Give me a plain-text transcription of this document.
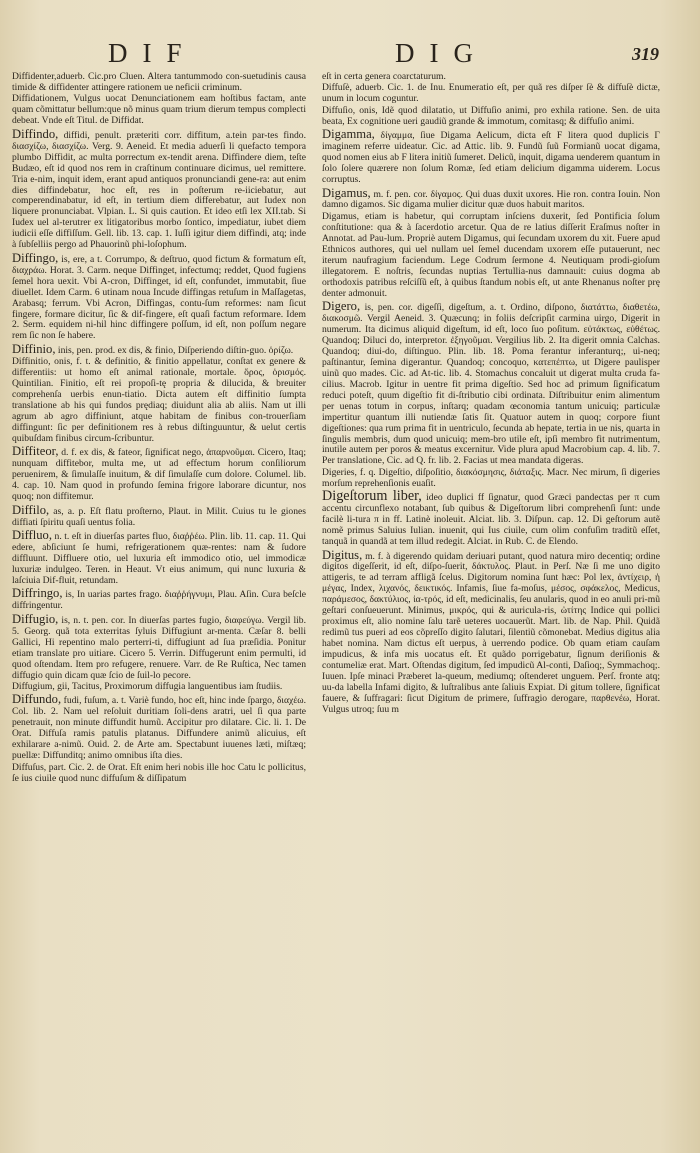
DIF	DIG	319

Diffidenter,aduerb. Cic.pro Cluen. Altera tantummodo con-suetudinis causa timide & diffidenter attingere rationem ue neficii criminum.

Diffidationem, Vulgus uocat Denunciationem eam hoſtibus factam, ante quam cõmittatur bellum:que nõ minus quam trium dierum tempus complecti debeat. Vnde eſt Titul. de Diffidat.

Diffindo, diffidi, penult. præteriti corr. diffitum, a.tein par-tes findo. διασχίζω, διασχίζω. Verg. 9. Aeneid. Et media aduerſi li quefacto tempora plumbo Diffidit, ac multa porrectum ex-tendit arena. Diffindere diem, teſte Budæo, eſt id quod nos rem in craſtinum continuare dicimus, uel remittere. Tria e-nim, inquit idem, erant apud antiquos pronunciandi gene-ra: aut enim dies diffindebatur, hoc eſt, res in poſterum re-iiciebatur, aut comperendinabatur, id eſt, in tertium diem differebatur, aut Iudex non liquere pronunciabat. Vlpian. L. Si quis caution. Et ideo etſi lex XII.tab. Si Iudex uel al-terutrer ex litigatoribus morbo ſontico, impediatur, iubet diem iudicii eſſe diffiſſum. Gell. lib. 13. cap. 1. Iuſſi igitur diem diffindi, atq; inde à ſubſelliis pergo ad Phauorinũ phi-loſophum.

Diffingo, is, ere, a t. Corrumpo, & deſtruo, quod fictum & formatum eſt, διαχράω. Horat. 3. Carm. neque Diffinget, infectumq; reddet, Quod fugiens ſemel hora uexit. Vbi A-cron, Diffinget, id eſt, confundet, immutabit, ſiue diuellet. Idem Carm. 6 utinam noua Incude diffingas retuſum in Maſſagetas, Arabasq; ferrum. Vbi Acron, Diffingas, contu-ſum reformes: nam ſicut fingere, formare dicitur, ſic & dif-fingere, eſt quaſi factum reformare. Idem 2. Serm. equidem ni-hil hinc diffingere poſſum, id eſt, non poſſum negare rem ſic non ſe habere.

Diffinio, inis, pen. prod. ex dis, & finio, Diſperiendo diſtin-guo. ὁρίζω.

Diffinitio, onis, f. t. & definitio, & finitio appellatur, conſtat ex genere & differentiis: ut homo eſt animal rationale, mortale. ὅρος, ὁρισμός. Quintilian. Finitio, eſt rei propoſi-tę propria & dilucida, & breuiter comprehenſa uerbis enun-tiatio. Dicta autem eſt diffinitio ſumpta translatione ab his qui fundos prędiaq; diuidunt alia ab aliis. Nam ut illi agrum ab agro diffiniunt, atque habitam de finibus con-trouerſiam diffingunt: ſic per definitionem res à rebus diſtinguuntur, & uelut certis quibuſdam finibus circum-ſcribuntur.

Diffiteor, d. f. ex dis, & fateor, ſignificat nego, ἀπαρνοῦμαι. Cicero, Itaq; nunquam diffitebor, multa me, ut ad effectum horum conſiliorum peruenirem, & ſimulaſſe inuitum, & dif ſimulaſſe cum dolore. Columel. lib. 4. cap. 10. Nam quod in profundo ſemina frigore laborare dicuntur, nos quoq; non diffitemur.

Diffilo, as, a. p. Eſt flatu proſterno, Plaut. in Milit. Cuius tu le giones diffiati ſpiritu quaſi uentus folia.

Diffluo, n. t. eſt in diuerſas partes fluo, διαῤῥέω. Plin. lib. 11. cap. 11. Qui edere, abſiciunt ſe humi, refrigerationem quæ-rentes: nam & ſudore diffluunt. Diffluere otio, uel luxuria eſt immodico otio, uel immodicæ luxuriæ indulgeo. Teren. in Heaut. Vt eius animum, qui nunc luxuria & laſciuia Dif-fluit, retundam.

Diffringo, is, In uarias partes frago. διαῤῥήγνυμι, Plau. Aſin. Cura beſcle diffringentur.

Diffugio, is, n. t. pen. cor. In diuerſas partes fugio, διαφεύγω. Vergil lib. 5. Georg. quã tota exterritas ſyluis Diffugiunt ar-menta. Cæſar 8. belli Gallici, Hi repentino malo perterri-ti, diffugiunt ad ſua præſidia. Ponitur etiam translate pro uitiare. Cicero 5. Verrin. Diffugerunt enim permulti, id quod oſtendam. Item pro refugere, renuere. Varr. de Re Ruſtica, Nec tamen diffugio quin dicam quæ ſcio de ſuil-lo pecore.

Diffugium, gii, Tacitus, Proximorum diffugia languentibus iam ſtudiis.

Diffundo, fudi, fuſum, a. t. Variè fundo, hoc eſt, hinc inde ſpargo, διαχέω. Col. lib. 2. Nam uel reſoluit duritiam ſoli-dens aratri, uel ſi qua parte penetrauit, non minute diffundit humũ. Accipitur pro dilatare. Cic. li. 1. De Orat. Diffuſa ramis patulis platanus. Diffundere animũ alicuius, eſt exhilarare a-nimũ. Ouid. 2. de Arte am. Spectabunt iuuenes læti, miſtæq; puellæ: Diffunditq; animo omnibus iſta dies.

Diffuſus, part. Cic. 2. de Orat. Eſt enim heri nobis ille hoc Catu lc pollicitus, ſe ius ciuile quod nunc diffuſum & diſſipatum

eſt in certa genera coarctaturum.

Diffuſè, aduerb. Cic. 1. de Inu. Enumeratio eſt, per quã res diſper ſè & diffuſè dictæ, unum in locum coguntur.

Diffuſio, onis, Idẽ quod dilatatio, ut Diffuſio animi, pro exhila ratione. Sen. de uita beata, Ex cognitione ueri gaudiũ grande & immotum, comitasq; & diffuſio animi.

Digamma, δίγαμμα, ſiue Digama Aelicum, dicta eſt F litera quod duplicis Γ imaginem referre uideatur. Cic. ad Attic. lib. 9. Fundũ ſuũ Formianũ uocat digama, quod nomen eius ab F litera initiũ ſumeret. Delicũ, inquit, digama uenderem quantum in ſolo ſolere quærere non ſolum Romæ, ſed etiam delicium digamma uiderem. Locus corruptus.

Digamus, m. f. pen. cor. δίγαμος. Qui duas duxit uxores. Hie ron. contra Iouin. Non damno digamos. Sic digama mulier dicitur quæ duos habuit maritos.

Digamus, etiam is habetur, qui corruptam inſciens duxerit, ſed Pontificia ſolum conſtitutione: qua & à ſacerdotio arcetur. Qua de re latius diſſerit Eraſmus noſter in Annotat. ad Pau-lum. Propriè autem Digamus, qui ſecundam uxorem du xit. Fuere apud Ethnicos authores, qui uel nullam uel ſemel ducendam uxorem eſſe putauerunt, nec iterum naufragium faciendum. Lege Codrum ſermone 4. Neutiquam prodi-gioſum illegatorem. E noſtris, ſecundas nuptias Tertullia-nus damnauit: cuius dogma ab orthodoxis patribus reſciſſũ eſt, à quibus ſtandum nobis eſt, ut ante Rhenanus noſter prę denter admonuit.

Digero, is, pen. cor. digeſſi, digeſtum, a. t. Ordino, diſpono, διατάττω, διαθετέω, διακοσμῶ. Vergil Aeneid. 3. Quæcunq; in foliis deſcripſit carmina uirgo, Digerit in numerum. Ita dicimus aliquid digeſtum, id eſt, loco ſuo poſitum. εὐτάκτως, εὐθέτως. Quandoq; Diluci do, interpretor. ἐξηγοῦμαι. Vergilius lib. 2. Ita digerit omnia Calchas. Quandoq; diui-do, diſtinguo. Plin. lib. 18. Poma ferantur inferanturq;, ui-neq; paſtinantur, ſemina digerantur. Quandoq; concoquo, κατεπέπτω, ut Digere paulisper uinũ quo mades. Cic. ad At-tic. lib. 4. Stomachus concaluit ut digerat multa cruda fa-cilius. Macrob. Igitur in uentre fit prima digeſtio. Sed hoc ad primum ſignificatum reduci poteſt, quum digeſtio fit di-ſtributio cibi ordinata. Diſtribuitur enim alimentum per uenas totum in corpus, inſtarq; quadam œconomia tantum unicuiq; particulæ impertitur quantum illi nutiendæ ſatis ſit. Quatuor autem in quoq; corpore fiunt digeſtiones: qua rum prima fit in uentriculo, ſecunda ab hepate, tertia in ue nis, quarta in ſingulis membris, dum quod unicuiq; mem-bro utile eſt, ipſi membro fit nutrimentum, inutile autem per poros & meatus excernitur. Vide plura apud Macrobium cap. 4. lib. 7. Per translatione, Cic. ad Q. fr. lib. 2. Facias ut mea mandata digeras.

Digeries, f. q. Digeſtio, diſpoſitio, διακόσμησις, διάταξις. Macr. Nec mirum, ſi digeries morſum reprehenſionis euaſit.

Digeſtorum liber, ideo duplici ff ſignatur, quod Græci pandectas per π cum accentu circunflexo notabant, ſub quibus & Digeſtorum libri comprehenſi ſunt: unde facilè li-tura π in ff. Latinè inoleuit. Alciat. lib. 3. Diſpun. cap. 12. Di geſtorum autẽ nomẽ primus Saluius Iulian. inuenit, qui Ius ciuile, cum olim confuſim traditũ eſſet, tanquã in quandã at tem illud redegit. Alciat. in Rub. C. de Elendo.

Digitus, m. f. à digerendo quidam deriuari putant, quod natura miro decentiq; ordine digitos digeſſerit, id eſt, diſpo-ſuerit, δάκτυλος. Plaut. in Perſ. Næ ſi me uno digito attigeris, te ad terram affligã ſcelus. Digitorum nomina ſunt hæc: Pol lex, ἀντίχειρ, ἡ μέγας, Index, λιχανός, δεικτικός. Infamis, ſiue fa-moſus, μέσος, σφάκελος, Medicus, παράμεσος, δακτύλιος, ἰα-τρός, id eſt, medicinalis, ſeu anularis, quod in eo anuli pri-mũ geſtari conſueuerunt. Minimus, μικρός, qui & auricula-ris, ὠτίτης Indice qui pollici proximus eſt, alio nomine ſalu tarẽ ueteres uocauerũt. Mart. lib. de Nap. Phil. Quidã redimũ tus pueri ad eos cõpreſſo digito ſalutari, ſilentiũ cõmonebat. Medius digitus alia habet nomina. Nam dictus eſt uerpus, à uerrendo podice. Ob quam etiam cauſam impudicus, & infa mis uocatus eſt. Et quãdo porrigebatur, ſignum deriſionis & contumeliæ erat. Mart. Oſtendas digitum, ſed impudicũ Al-conti, Daſioq;, Symmachoq;. Iuuen. Ipſe minaci Præberet la-queum, mediumq; oſtenderet unguem. Perſ. fronte atq; uu-da labella Infami digito, & luſtralibus ante ſaliuis Expiat. Di gitum tollere, ſignificat fauere, & ſuffragari: ſicut Digitum de primere, ſuffragio derogare, παρθενέω, Horat. Vulgus utroq; ſuu m
